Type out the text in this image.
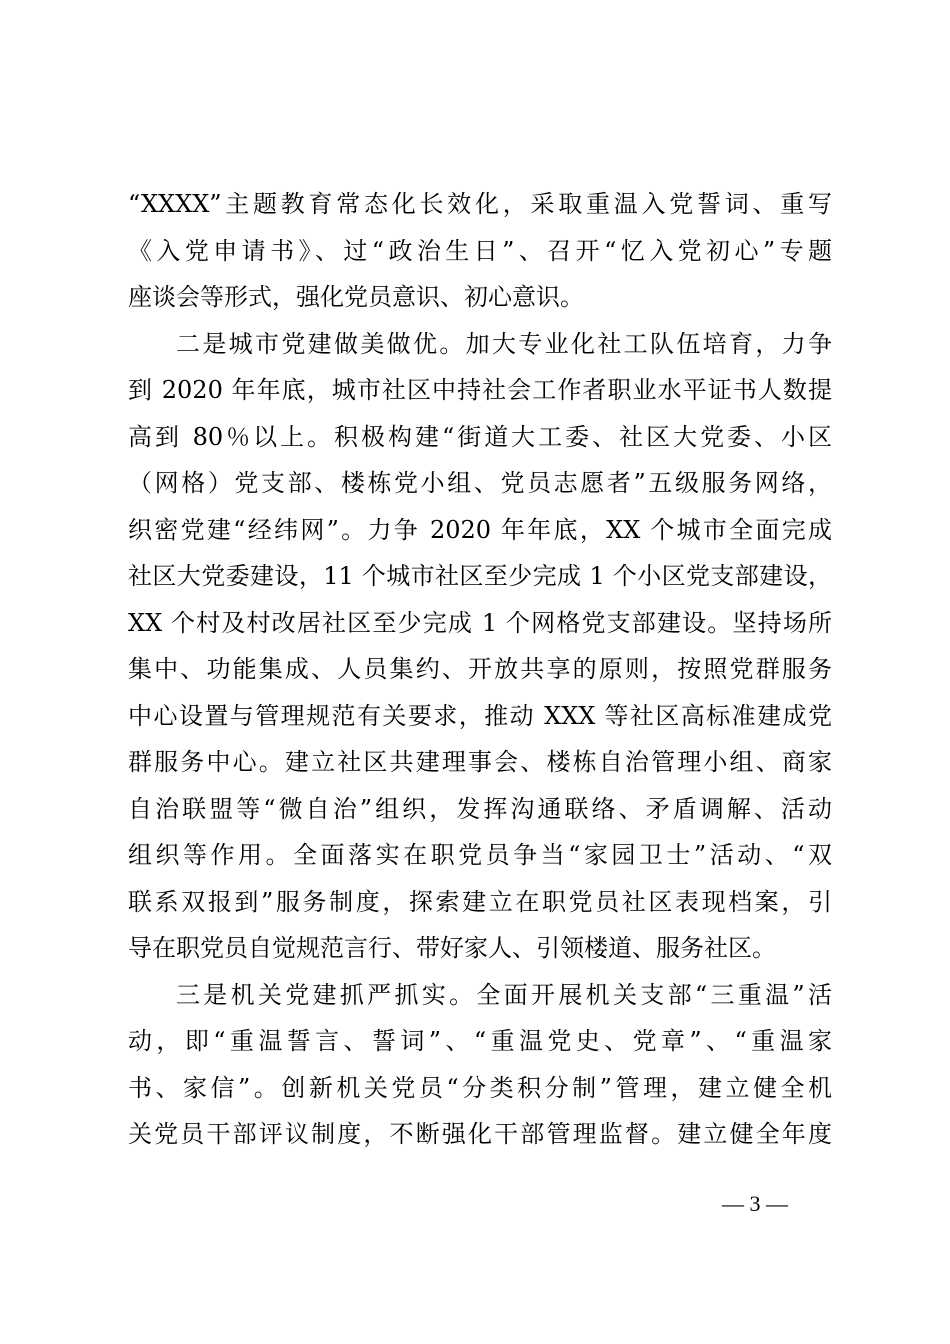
“XXXX”主题教育常态化长效化，采取重温入党誓词、重写
《入党申请书》、过“政治生日”、召开“忆入党初心”专题
座谈会等形式，强化党员意识、初心意识。
二是城市党建做美做优。加大专业化社工队伍培育，力争
到 2020 年年底，城市社区中持社会工作者职业水平证书人数提
高到 80％以上。积极构建“街道大工委、社区大党委、小区
（网格）党支部、楼栋党小组、党员志愿者”五级服务网络，
织密党建“经纬网”。力争 2020 年年底，XX 个城市全面完成
社区大党委建设，11 个城市社区至少完成 1 个小区党支部建设，
XX 个村及村改居社区至少完成 1 个网格党支部建设。坚持场所
集中、功能集成、人员集约、开放共享的原则，按照党群服务
中心设置与管理规范有关要求，推动 XXX 等社区高标准建成党
群服务中心。建立社区共建理事会、楼栋自治管理小组、商家
自治联盟等“微自治”组织，发挥沟通联络、矛盾调解、活动
组织等作用。全面落实在职党员争当“家园卫士”活动、“双
联系双报到”服务制度，探索建立在职党员社区表现档案，引
导在职党员自觉规范言行、带好家人、引领楼道、服务社区。
三是机关党建抓严抓实。全面开展机关支部“三重温”活
动，即“重温誓言、誓词”、“重温党史、党章”、“重温家
书、家信”。创新机关党员“分类积分制”管理，建立健全机
关党员干部评议制度，不断强化干部管理监督。建立健全年度
— 3 —
